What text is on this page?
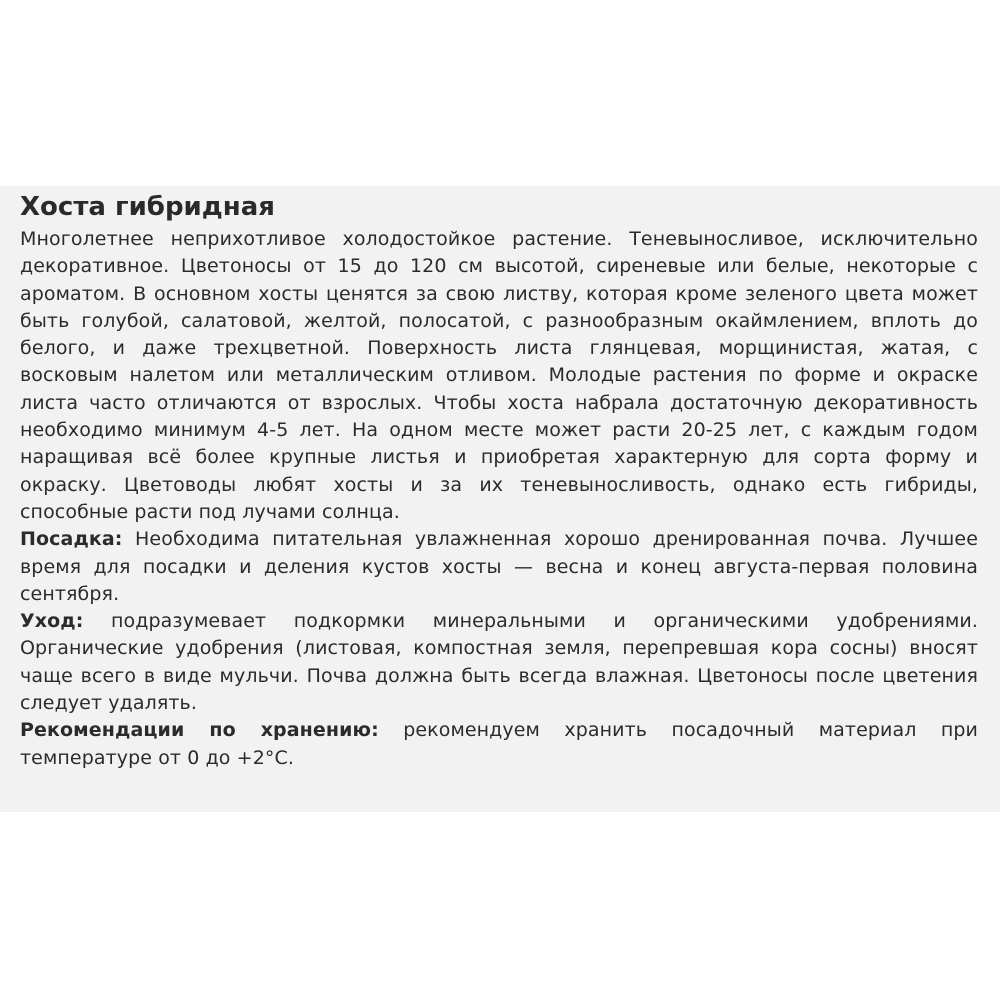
Хоста гибридная

Многолетнее неприхотливое холодостойкое растение. Теневыносливое, исключительно декоративное. Цветоносы от 15 до 120 см высотой, сиреневые или белые, некоторые с ароматом. В основном хосты ценятся за свою листву, которая кроме зеленого цвета может быть голубой, салатовой, желтой, полосатой, с разнообразным окаймлением, вплоть до белого, и даже трехцветной. Поверхность листа глянцевая, морщинистая, жатая, с восковым налетом или металлическим отливом. Молодые растения по форме и окраске листа часто отличаются от взрослых. Чтобы хоста набрала достаточную декоративность необходимо минимум 4-5 лет. На одном месте может расти 20-25 лет, с каждым годом наращивая всё более крупные листья и приобретая характерную для сорта форму и окраску. Цветоводы любят хосты и за их теневыносливость, однако есть гибриды, способные расти под лучами солнца.

Посадка: Необходима питательная увлажненная хорошо дренированная почва. Лучшее время для посадки и деления кустов хосты — весна и конец августа-первая половина сентября.

Уход: подразумевает подкормки минеральными и органическими удобрениями. Органические удобрения (листовая, компостная земля, перепревшая кора сосны) вносят чаще всего в виде мульчи. Почва должна быть всегда влажная. Цветоносы после цветения следует удалять.

Рекомендации по хранению: рекомендуем хранить посадочный материал при температуре от 0 до +2°С.
